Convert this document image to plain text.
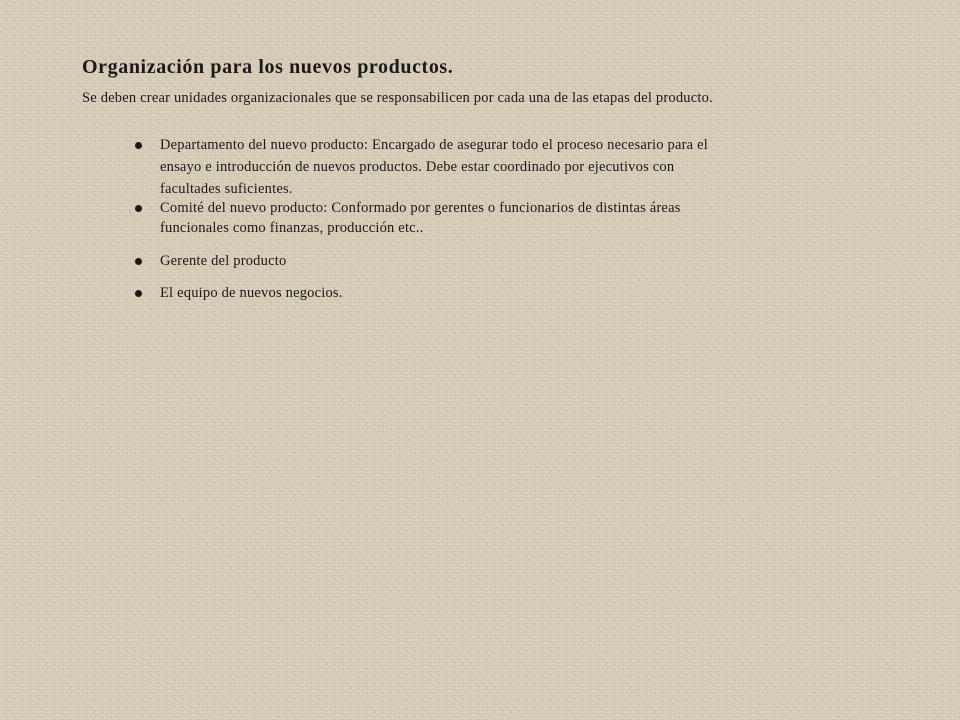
Organización para los nuevos productos.

Se deben crear unidades organizacionales que se responsabilicen por cada una de las etapas del producto.

Departamento del nuevo producto: Encargado de asegurar todo el proceso necesario para el
ensayo e introducción de nuevos productos. Debe estar coordinado por ejecutivos con
facultades suficientes.
Comité del nuevo producto: Conformado por gerentes o funcionarios de distintas áreas
funcionales como finanzas, producción etc..
Gerente del producto
El equipo de nuevos negocios.
